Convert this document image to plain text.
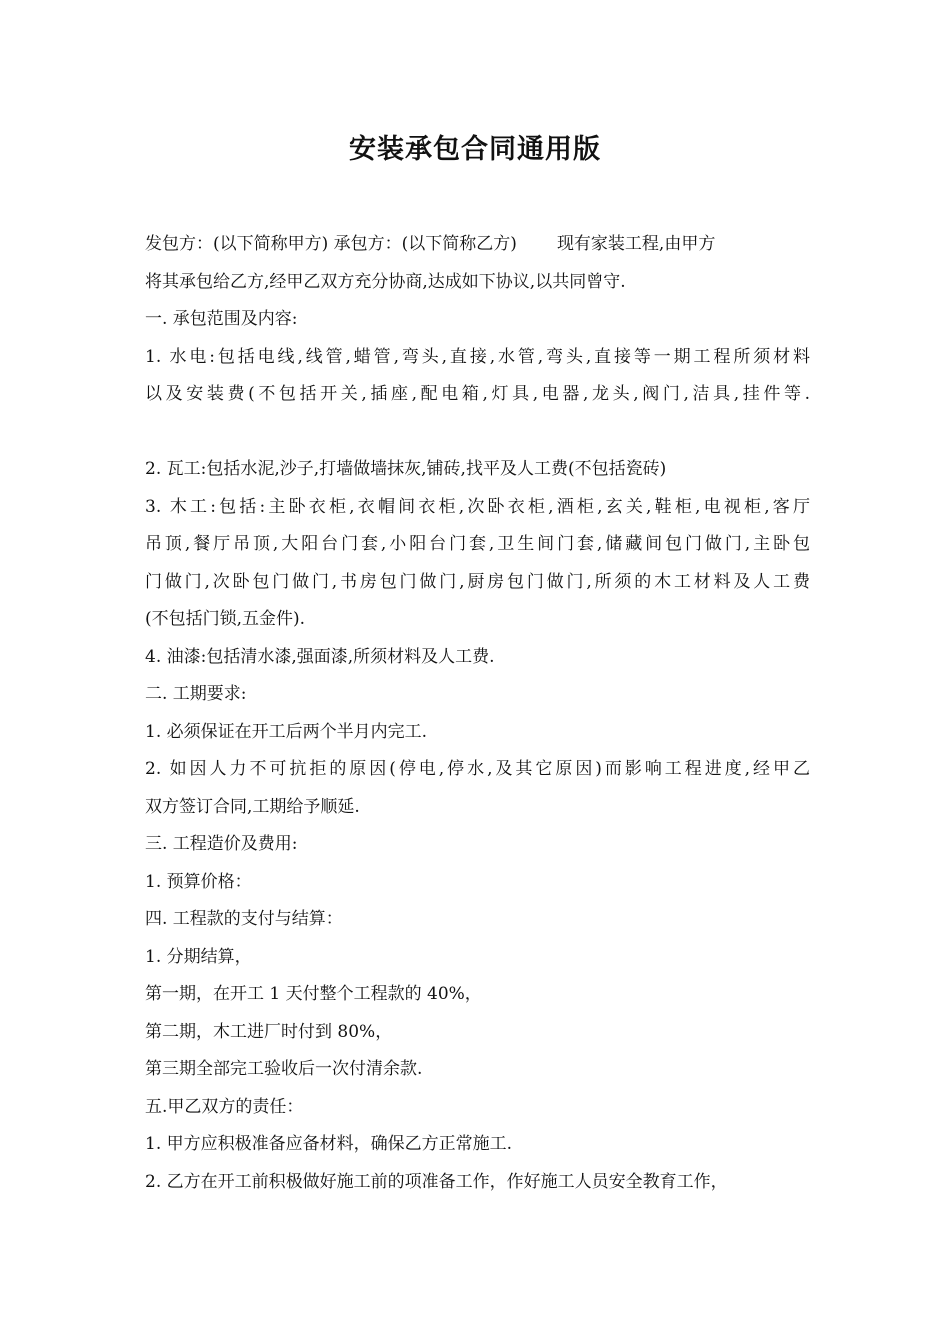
安装承包合同通用版
发包方：(以下简称甲方) 承包方：(以下简称乙方) 现有家装工程,由甲方
将其承包给乙方,经甲乙双方充分协商,达成如下协议,以共同曾守.
一. 承包范围及内容:
1. 水电:包括电线,线管,蜡管,弯头,直接,水管,弯头,直接等一期工程所须材料
以及安装费(不包括开关,插座,配电箱,灯具,电器,龙头,阀门,洁具,挂件等.
2. 瓦工:包括水泥,沙子,打墙做墙抹灰,铺砖,找平及人工费(不包括瓷砖)
3. 木工:包括:主卧衣柜,衣帽间衣柜,次卧衣柜,酒柜,玄关,鞋柜,电视柜,客厅
吊顶,餐厅吊顶,大阳台门套,小阳台门套,卫生间门套,储藏间包门做门,主卧包
门做门,次卧包门做门,书房包门做门,厨房包门做门,所须的木工材料及人工费
(不包括门锁,五金件).
4. 油漆:包括清水漆,强面漆,所须材料及人工费.
二. 工期要求:
1. 必须保证在开工后两个半月内完工.
2. 如因人力不可抗拒的原因(停电,停水,及其它原因)而影响工程进度,经甲乙
双方签订合同,工期给予顺延.
三. 工程造价及费用:
1. 预算价格：
四. 工程款的支付与结算：
1. 分期结算，
第一期，在开工 1 天付整个工程款的 40%，
第二期，木工进厂时付到 80%，
第三期全部完工验收后一次付清余款.
五.甲乙双方的责任：
1. 甲方应积极准备应备材料，确保乙方正常施工.
2. 乙方在开工前积极做好施工前的项准备工作，作好施工人员安全教育工作，
